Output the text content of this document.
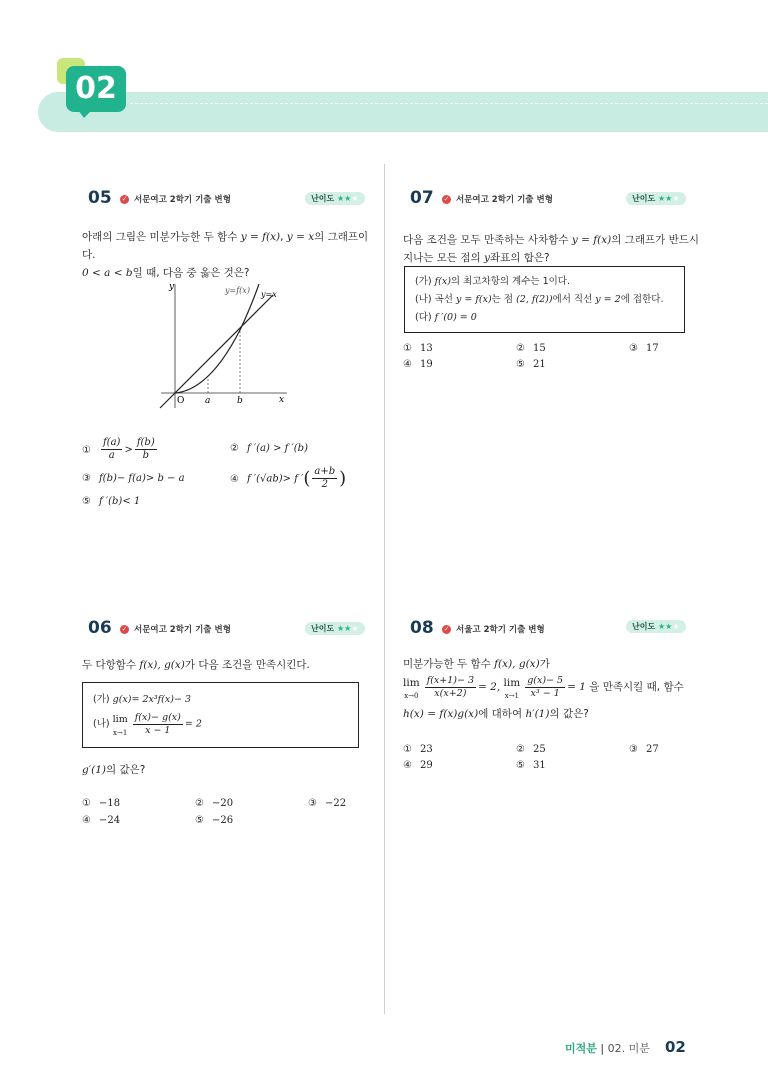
02
05 ✓ 서문여고 2학기 기출 변형	난이도 ★★★
아래의 그림은 미분가능한 두 함수 y = f(x), y = x의 그래프이다.
0 < a < b일 때, 다음 중 옳은 것은?
y
x
O a	b
y=f(x) y=x
① $\frac{f(a)}{a} > \frac{f(b)}{b}$	② f ′(a) > f ′(b)
③ f(b)− f(a)> b − a	④ f ′(√ab)> f ′( $\frac{a+b}{2}$ )
⑤ f ′(b)< 1
07 ✓ 서문여고 2학기 기출 변형	난이도 ★★★
다음 조건을 모두 만족하는 사차함수 y = f(x)의 그래프가 반드시
지나는 모든 점의 y좌표의 합은?
(가) f(x)의 최고차항의 계수는 1이다.
(나) 곡선 y = f(x)는 점 (2, f(2))에서 직선 y = 2에 접한다.
(다) f ′(0) = 0
① 13	② 15	③ 17
④ 19	⑤ 21
06 ✓ 서문여고 2학기 기출 변형	난이도 ★★★
두 다항함수 f(x), g(x)가 다음 조건을 만족시킨다.
(가) g(x)= 2x³f(x)− 3
(나) lim
$x\to 1 \frac{f(x)- g(x)}{x - 1} = 2$
g′(1)의 값은?
① −18	② −20	③ −22
④ −24	⑤ −26
08 ✓ 서울고 2학기 기출 변형	난이도 ★★★
미분가능한 두 함수 f(x), g(x)가
lim
$x\to 0 \frac{f(x+1)- 3}{x(x+2)} = 2$, lim
$x\to 1 \frac{g(x)- 5}{\text{x³ − 1}} = 1$ 을 만족시킬 때, 함수
h(x) = f(x)g(x)에 대하여 h′(1)의 값은?
① 23	② 25	③ 27
④ 29	⑤ 31
미적분 | 02. 미분 02
